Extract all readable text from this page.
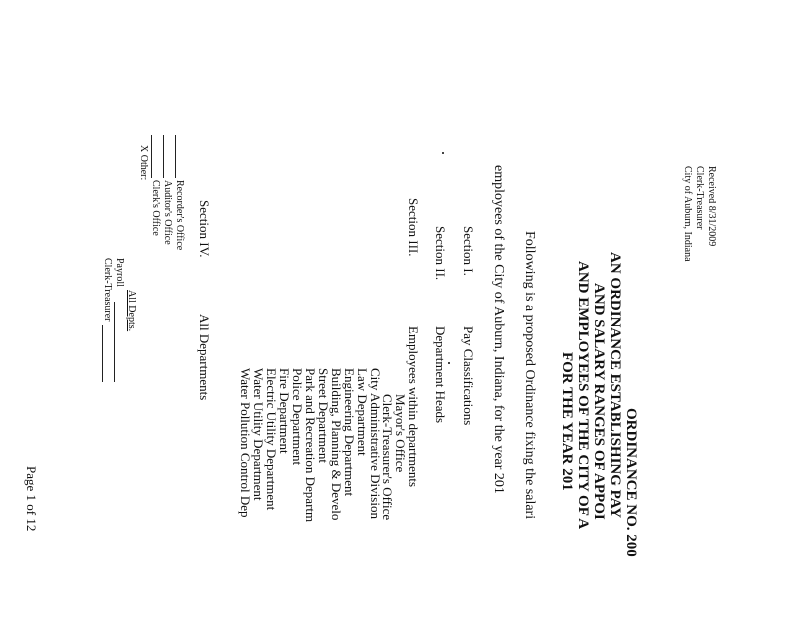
Received 8/31/2009
Clerk-Treasurer
City of Auburn, Indiana
ORDINANCE NO. 200
AN ORDINANCE ESTABLISHING PAY
AND SALARY RANGES OF APPOI
AND EMPLOYEES OF THE CITY OF A
FOR THE YEAR 201
Following is a proposed Ordinance fixing the salari
employees of the City of Auburn, Indiana, for the year 201
Section I.
Pay Classifications
Section II.
Department Heads
Section III.
Employees within departments
Mayor's Office
Clerk-Treasurer's Office
City Administrative Division
Law Department
Engineering Department
Building, Planning & Develo
Street Department
Park and Recreation Departm
Police Department
Fire Department
Electric Utility Department
Water Utility Department
Water Pollution Control Dep
Section IV.
All Departments
Recorder's Office
Auditor's Office
Clerk's Office
X Other:
All Depts.
Payroll
Clerk-Treasurer
Page 1 of 12
